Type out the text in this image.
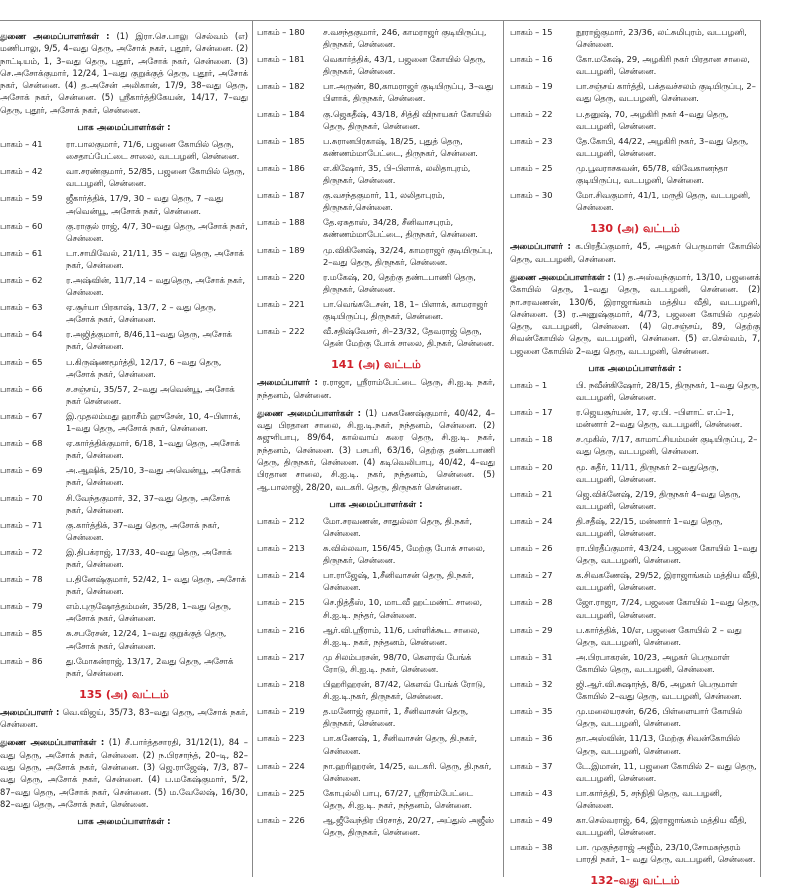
துணை அமைப்பாளர்கள் : (1) இரா.செ.பாலு செல்வம் (எ) மணிபாலு, 9/5, 4–வது தெரு, அசோக் நகர், புதூர், சென்னை. (2) நாட்டியம், 1, 3–வது தெரு, புதூர், அசோக் நகர், சென்னை. (3) செ.அசோக்குமார், 12/24, 1–வது குறுக்குத் தெரு, புதூர், அசோக் நகர், சென்னை. (4) த.அசேன் அலிகான், 17/9, 38–வது தெரு, அசோக் நகர், சென்னை. (5) ஸ்ரீகார்த்திகேயன், 14/17, 7–வது தெரு, புதூர், அசோக் நகர், சென்னை.
பாக அமைப்பாளர்கள் :
பாகம் – 41	ரா.பாலகுமார், 71/6, பஜனை கோயில் தெரு, சைதாப்பேட்டை சாலை, வடபழனி, சென்னை.
பாகம் – 42	வா.சரண்குமார், 52/85, பஜனை கோயில் தெரு, வடபழனி, சென்னை.
பாகம் – 59	ஜீகார்த்திக், 17/9, 30 – வது தெரு, 7 –வது அவென்யூ, அசோக் நகர், சென்னை.
பாகம் – 60	கு.ராகுல் ராஜ், 4/7, 30–வது தெரு, அசோக் நகர், சென்னை.
பாகம் – 61	டா.சாமிவேல், 21/11, 35 – வது தெரு, அசோக் நகர், சென்னை.
பாகம் – 62	ர.அஷ்வின், 11/7,14 – வதுதெரு, அசோக் நகர், சென்னை.
பாகம் – 63	ஏ.சூர்யா பிரகாஷ், 13/7, 2 – வது தெரு, அசோக் நகர், சென்னை.
பாகம் – 64	ர.அஜித்குமார், 8/46,11–வது தெரு, அசோக் நகர், சென்னை.
பாகம் – 65	ப.கிருஷ்ணமூர்த்தி, 12/17, 6 –வது தெரு, அசோக் நகர், சென்னை.
பாகம் – 66	ச.சஞ்சய், 35/57, 2–வது அவென்யூ, அசோக் நகர் சென்னை.
பாகம் – 67	இ.முதலம்மது ஹாசீம் ஹுசேன், 10, 4–பிளாக், 1–வது தெரு, அசோக் நகர், சென்னை.
பாகம் – 68	ஏ.கார்த்திக்குமார், 6/18, 1–வது தெரு, அசோக் நகர், சென்னை.
பாகம் – 69	அ.ஆஷிக், 25/10, 3–வது அவென்யூ, அசோக் நகர், சென்னை.
பாகம் – 70	சி.வேந்தகுமார், 32, 37–வது தெரு, அசோக் நகர், சென்னை.
பாகம் – 71	கு.கார்த்திக், 37–வது தெரு, அசோக் நகர், சென்னை.
பாகம் – 72	இ.திபக்ராஜ், 17/33, 40–வது தெரு, அசோக் நகர், சென்னை.
பாகம் – 78	ப.தினேஷ்குமார், 52/42, 1– வது தெரு, அசோக் நகர், சென்னை.
பாகம் – 79	எம்.புருஷோத்தம்மன், 35/28, 1–வது தெரு, அசோக் நகர், சென்னை.
பாகம் – 85	சு.சபரேசன், 12/24, 1–வது குறுக்குத் தெரு, அசோக் நகர், சென்னை.
பாகம் – 86	து.மோகன்ராஜ், 13/17, 2வது தெரு, அசோக் நகர், சென்னை.
135 (அ) வட்டம்
அமைப்பாளர் : வெ.விஜய், 35/73, 83–வது தெரு, அசோக் நகர், சென்னை.
துணை அமைப்பாளர்கள் : (1) சீ.பார்த்தசாரதி, 31/12(1), 84 – வது தெரு, அசோக் நகர், சென்னை. (2) ந.பிரசாந்த், 20–டி, 82–வது தெரு, அசோக் நகர், சென்னை. (3) ஜெ.ராஜேஷ், 7/3, 87–வது தெரு, அசோக் நகர், சென்னை. (4) ப.மகேஷ்குமார், 5/2, 87–வது தெரு, அசோக் நகர், சென்னை. (5) ம.வேலேஷ், 16/30, 82–வது தெரு, அசோக் நகர், சென்னை.
பாக அமைப்பாளர்கள் :
பாகம் – 180	ச.வசந்தகுமார், 246, காமராஜர் குடியிருப்பு, திருநகர், சென்னை.
பாகம் – 181	வெகார்த்திக், 43/1, பஜனை கோயில் தெரு, திருநகர், சென்னை.
பாகம் – 182	பா.அருண், 80,காமராஜர் குடியிருப்பு, 3–வது பிளாக், திருநகர், சென்னை.
பாகம் – 184	கு.ஜெகதீஷ், 43/18, சித்தி விநாயகர் கோயில் தெரு, திருநகர், சென்னை.
பாகம் – 185	ப.சுரானபிரகாஷ், 18/25, புதுத் தெரு, கண்ணம்மாபேட்டை, திருநகர், சென்னை.
பாகம் – 186	எ.கிஷோர், 35, பி–பிளாக், லலிதாபுரம், திருநகர், சென்னை.
பாகம் – 187	கு.வசந்தகுமார், 11, லலிதாபுரம், திருநகர்,சென்னை.
பாகம் – 188	தே.ஏசுதாஸ், 34/28, சீனிவாசபுரம், கண்ணம்மாபேட்டை, திருநகர், சென்னை.
பாகம் – 189	மு.விகினேஷ், 32/24, காமராஜர் குடியிருப்பு, 2–வது தெரு, திருநகர், சென்னை.
பாகம் – 220	ர.மகேஷ், 20, தெற்கு தண்டபாணி தெரு, திருநகர், சென்னை.
பாகம் – 221	பா.வெங்கடேசன், 18, 1– பிளாக், காமராஜர் குடியிருப்பு, திருநகர், சென்னை.
பாகம் – 222	வீ.சதிஷ்வேசர், சி–23/32, தேவராஜ் தெரு, தென் மேற்கு போக் சாலை, தி.நகர், சென்னை.
141 (அ) வட்டம்
அமைப்பாளர் : ர.ராஜா, ஸ்ரீராம்பேட்டை தெரு, சி.ஐ.டி நகர், நந்தனம், சென்னை.
துணை அமைப்பாளர்கள் : (1) பசுகணேஷ்குமார், 40/42, 4–வது பிரதான சாலை, சி.ஐ.டி.நகர், நந்தனம், சென்னை. (2) சுஜுரிபாபு, 89/64, கால்வாய் கரை தெரு, சி.ஐ.டி. நகர், நந்தனம், சென்னை. (3) பசபரி, 63/16, தெற்கு தண்டபாணி தெரு, திருநகர், சென்னை. (4) கடிவெலிபாபு, 40/42, 4–வது பிரதான சாலை, சி.ஐ.டி. நகர், நந்தனம், சென்னை. (5) ஆ.பாலாஜி, 28/20, வடகரி. தெரு, திருநகர் சென்னை.
பாக அமைப்பாளர்கள் :
பாகம் – 212	மோ.சரவணன், சாதுல்லா தெரு, தி.நகர், சென்னை.
பாகம் – 213	சு.வில்லவா, 156/45, மேற்கு போக் சாலை, திருநகர், சென்னை.
பாகம் – 214	பா.ராஜேஷ், 1,சீனிவாசன் தெரு, தி.நகர், சென்னை.
பாகம் – 215	செ.நித்தீஸ், 10, மாடவீ ஹட்மண்ட் சாலை, சி.ஐ.டி. நந்தர், சென்னை.
பாகம் – 216	ஆர்.வி.ஸ்ரீராம், 11/6, பள்ளிக்கூட சாலை, சி.ஐ.டி. நகர், நந்தனம், சென்னை.
பாகம் – 217	மு சிலம்பரசன், 98/70, கௌரவ் பேங்க் ரோடு, சி.ஐ.டி. நகர், சென்னை.
பாகம் – 218	பிஹரிஹரன், 87/42, கௌவ் பேங்க் ரோடு, சி.ஐ.டி.நகர், திருநகர், சென்னை.
பாகம் – 219	த.மனோஜ் குமார், 1, சீனிவாசன் தெரு, திருநகர், சென்னை.
பாகம் – 223	பா.கணேஷ், 1, சீனிவாசன் தெரு, தி.நகர், சென்னை.
பாகம் – 224	நா.ஹரிஹரன், 14/25, வடகரி. தெரு, தி.நகர், சென்னை.
பாகம் – 225	கோபுல்லி பாபு, 67/27, ஸ்ரீராம்பேட்டை தெரு, சி.ஐ.டி. நகர், நந்தனம், சென்னை.
பாகம் – 226	ஆ.ஜீவேந்திர பிரசாத், 20/27, அப்துல் அஜீஸ் தெரு, திருநகர், சென்னை.
பாகம் – 15	நூராஜ்குமார், 23/36, லட்சுமிபுரம், வடபழனி, சென்னை.
பாகம் – 16	கோ.மகேஷ், 29, அழகிரி நகர் பிரதான சாலை, வடபழனி, சென்னை.
பாகம் – 19	பா.சஞ்சய் கார்த்தி, பக்தவச்சலம் குடியிருப்பு, 2–வது தெரு, வடபழனி, சென்னை.
பாகம் – 22	ப.தனுஷ், 70, அழகிரி நகர் 4–வது தெரு, வடபழனி, சென்னை.
பாகம் – 23	தே.கோபி, 44/22, அழகிரி நகர், 3–வது தெரு, வடபழனி, சென்னை.
பாகம் – 25	மு.பூவராசகவன், 65/78, விவேகானந்தா குடியிருப்பு, வடபழனி, சென்னை.
பாகம் – 30	மோ.சிவகுமார், 41/1, மருதி தெரு, வடபழனி, சென்னை.
130 (அ) வட்டம்
அமைப்பாளர் : க.பிரதீப்குமார், 45, அழகர் பெருமாள் கோயில் தெரு, வடபழனி, சென்னை.
துணை அமைப்பாளர்கள் : (1) த.அஸ்வந்குமார், 13/10, பஜனைக் கோயில் தெரு, 1–வது தெரு, வடபழனி, சென்னை. (2) நா.சரவணன், 130/6, இராஜாங்கம் மத்திய வீதி, வடபழனி, சென்னை. (3) ர.அனுஷ்குமார், 4/73, பஜனை கோயில் முதல் தெரு, வடபழனி, சென்னை. (4) ரெ.சஞ்சய், 89, தெற்கு சிவன்கோயில் தெரு, வடபழனி, சென்னை. (5) எ.செல்வம், 7, பஜனை கோயில் 2–வது தெரு, வடபழனி, சென்னை.
பாக அமைப்பாளர்கள் :
பாகம் – 1	பி. நவீன்கிஷோர், 28/15, திருநகர், 1–வது தெரு, வடபழனி, சென்னை.
பாகம் – 17	ர.ஜெயசூர்யன், 17, ஏ.பி. –பிளாட் எ.ப்–1, மன்னார் 2–வது தெரு, வடபழனி, சென்னை.
பாகம் – 18	ச.முகில், 7/17, காமாட்சியம்மன் குடியிருப்பு, 2–வது தெரு, வடபழனி, சென்னை.
பாகம் – 20	மூ. சுதீர், 11/11, திருநகர் 2–வதுதெரு, வடபழனி, சென்னை.
பாகம் – 21	ஜெ.விக்னேஷ், 2/19, திருநகர் 4–வது தெரு, வடபழனி, சென்னை.
பாகம் – 24	தி.சதீஷ், 22/15, மன்னார் 1–வது தெரு, வடபழனி, சென்னை.
பாகம் – 26	ரா.பிரதீப்குமார், 43/24, பஜனை கோயில் 1–வது தெரு, வடபழனி, சென்னை.
பாகம் – 27	க.சிவகணேஷ், 29/52, இராஜாங்கம் மத்திய வீதி, வடபழனி, சென்னை.
பாகம் – 28	ஜோ.ராஜா, 7/24, பஜனை கோயில் 1–வது தெரு, வடபழனி, சென்னை.
பாகம் – 29	ப.கார்த்திக், 10/எ, பஜனை கோயில் 2 – வது தெரு, வடபழனி, சென்னை.
பாகம் – 31	அ.பிரபாகரன், 10/23, அழகர் பெருமாள் கோயில் தெரு, வடபழனி, சென்னை.
பாகம் – 32	ஜி.ஆர்.வி.சுஷாந்த், 8/6, அழகர் பெருமாள் கோயில் 2–வது தெரு, வடபழனி, சென்னை.
பாகம் – 35	மு.மலையரசன், 6/26, பிள்ளையார் கோயில் தெரு, வடபழனி, சென்னை.
பாகம் – 36	தா.அஸ்வின், 11/13, மேற்கு சிவன்கோயில் தெரு, வடபழனி, சென்னை.
பாகம் – 37	டே.இமான், 11, பஜனை கோயில் 2– வது தெரு, வடபழனி, சென்னை.
பாகம் – 43	பா.கார்த்தி, 5, சந்நிதி தெரு, வடபழனி, சென்னை.
பாகம் – 49	கா.செல்வராஜ், 64, இராஜாங்கம் மத்திய வீதி, வடபழனி, சென்னை.
பாகம் – 38	பா. முகுந்தராஜ் அஜீம், 23/10,சோமசுந்தரம் பாரதி நகர், 1– வது தெரு, வடபழனி, சென்னை.
132–வது வட்டம்
